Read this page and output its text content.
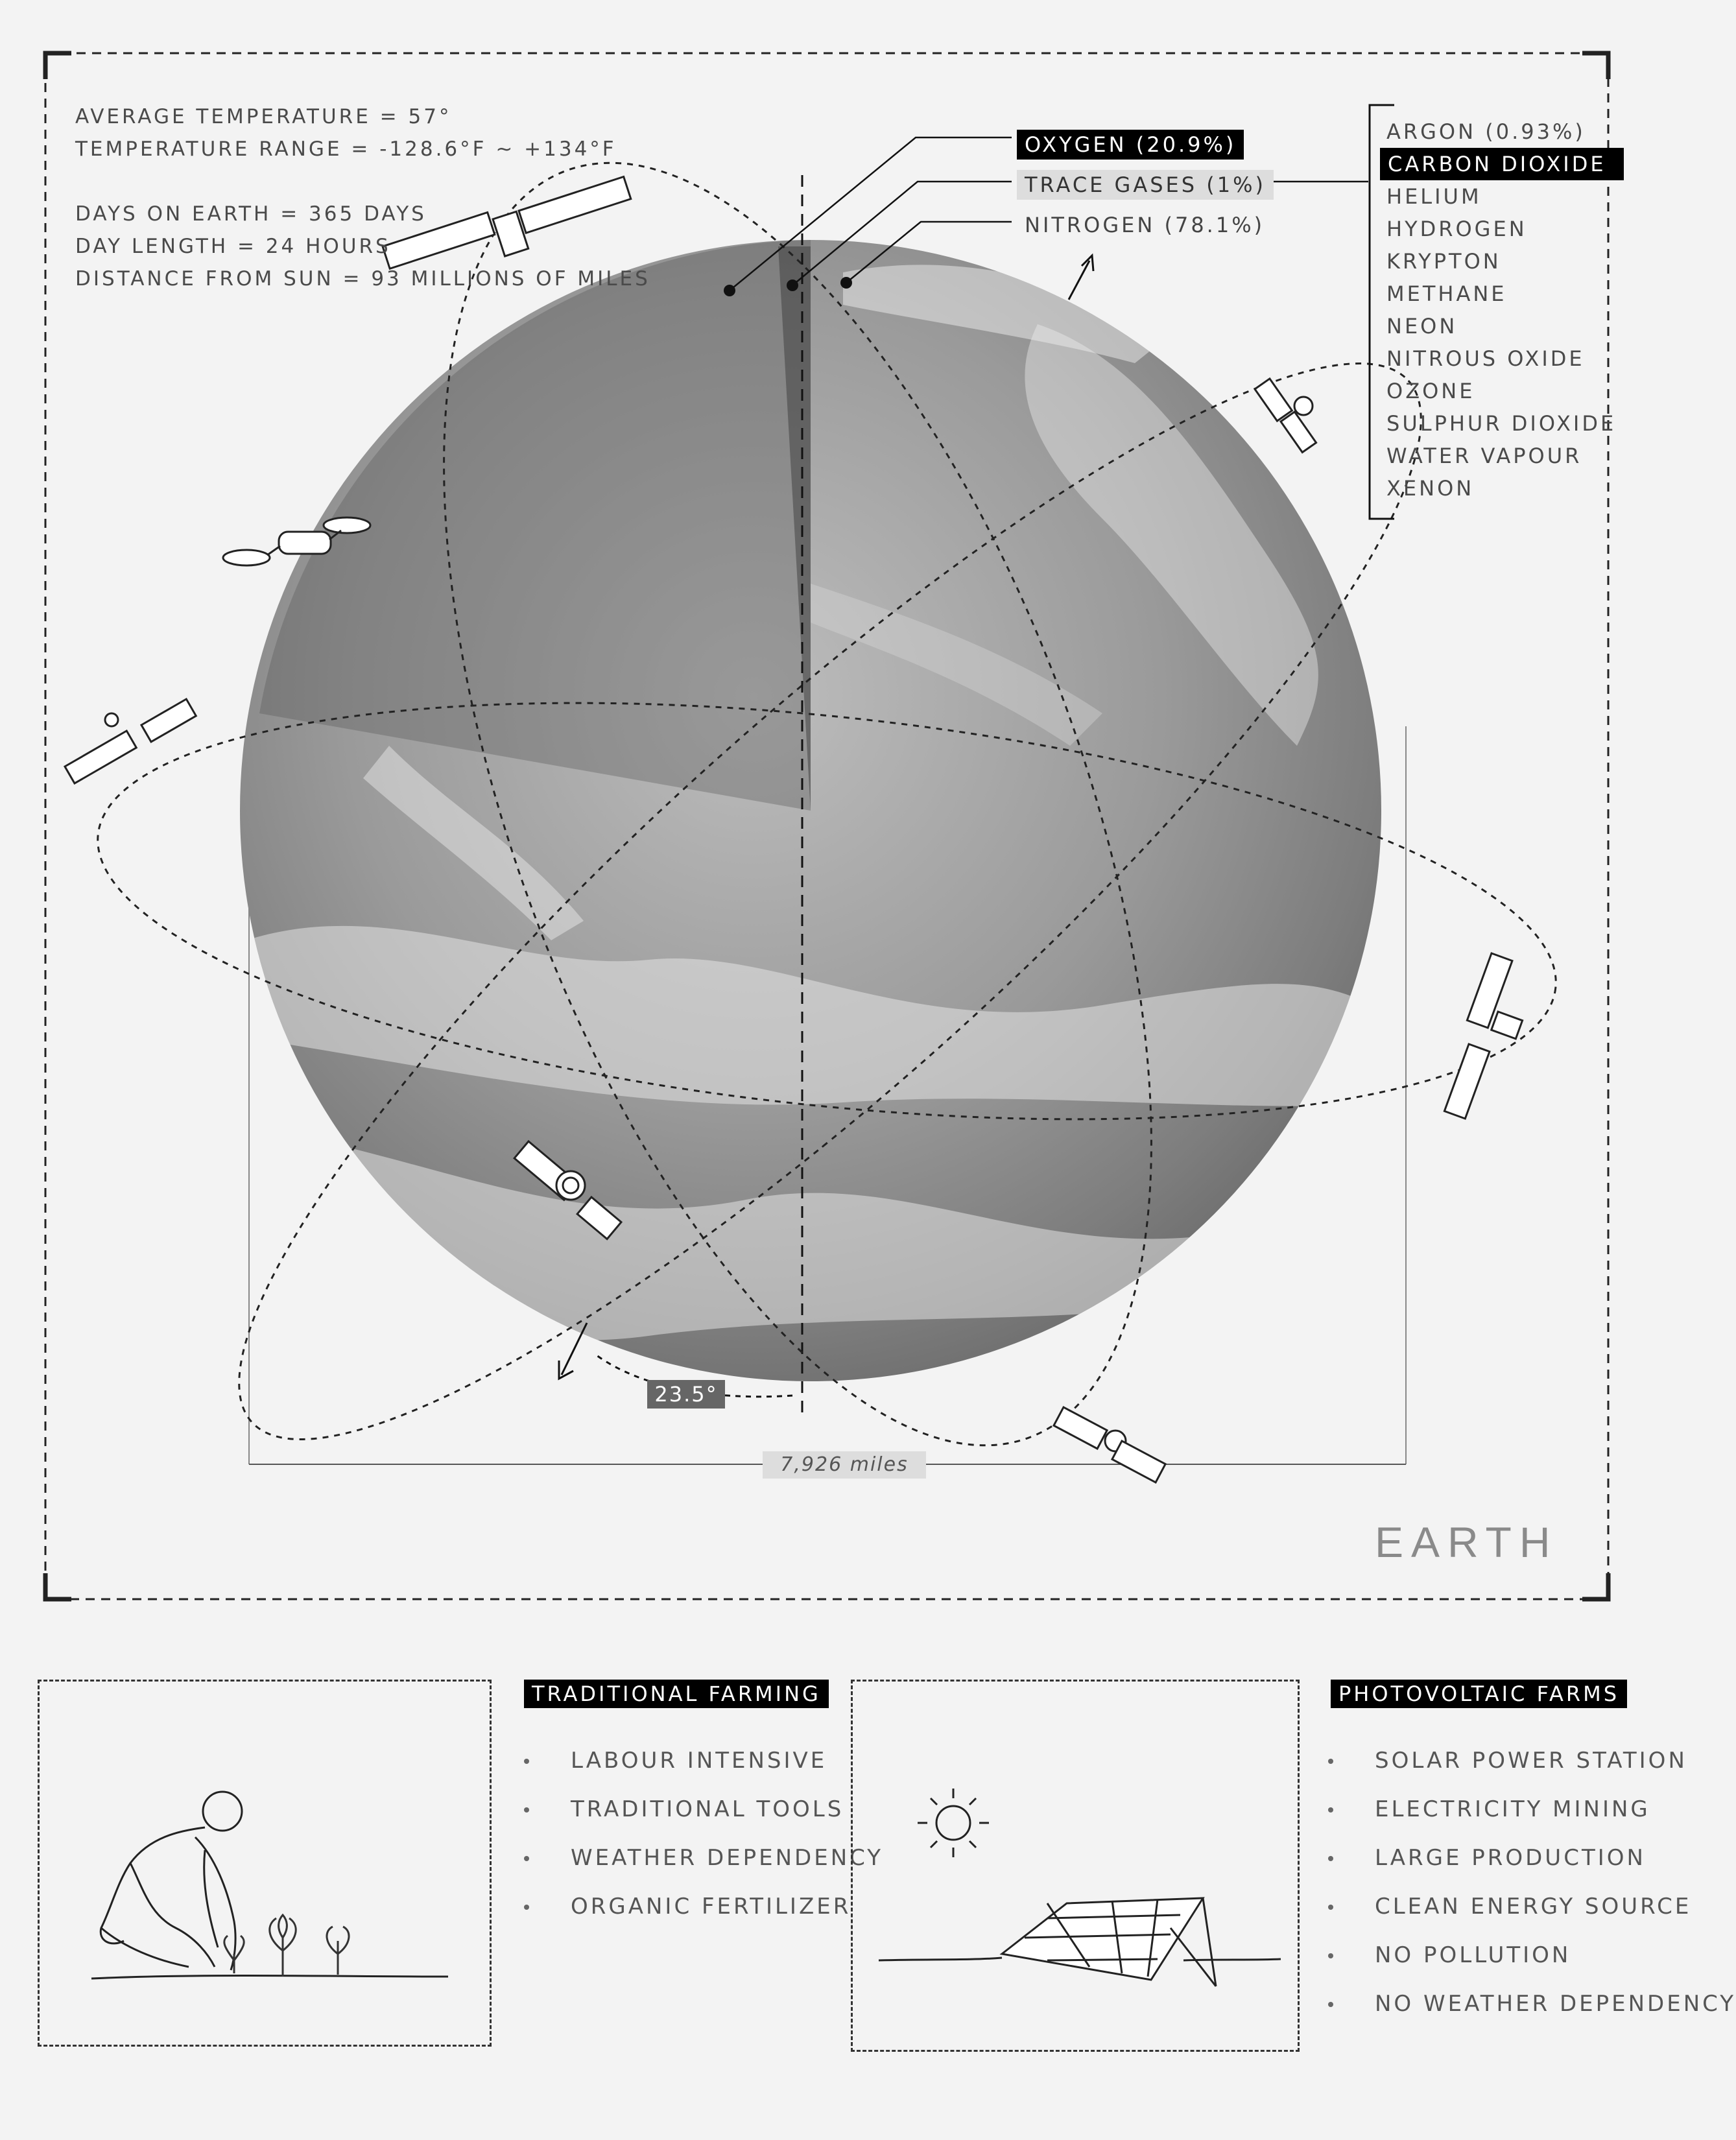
AVERAGE TEMPERATURE = 57°
TEMPERATURE RANGE = -128.6°F ~ +134°F
DAYS ON EARTH = 365 DAYS
DAY LENGTH = 24 HOURS
DISTANCE FROM SUN = 93 MILLIONS OF MILES
OXYGEN (20.9%)
TRACE GASES (1%)
NITROGEN (78.1%)
ARGON (0.93%)
CARBON DIOXIDE
HELIUM
HYDROGEN
KRYPTON
METHANE
NEON
NITROUS OXIDE
OZONE
SULPHUR DIOXIDE
WATER VAPOUR
XENON
23.5°
7,926 miles
EARTH
TRADITIONAL FARMING
LABOUR INTENSIVE
TRADITIONAL TOOLS
WEATHER DEPENDENCY
ORGANIC FERTILIZER
PHOTOVOLTAIC FARMS
SOLAR POWER STATION
ELECTRICITY MINING
LARGE PRODUCTION
CLEAN ENERGY SOURCE
NO POLLUTION
NO WEATHER DEPENDENCY
